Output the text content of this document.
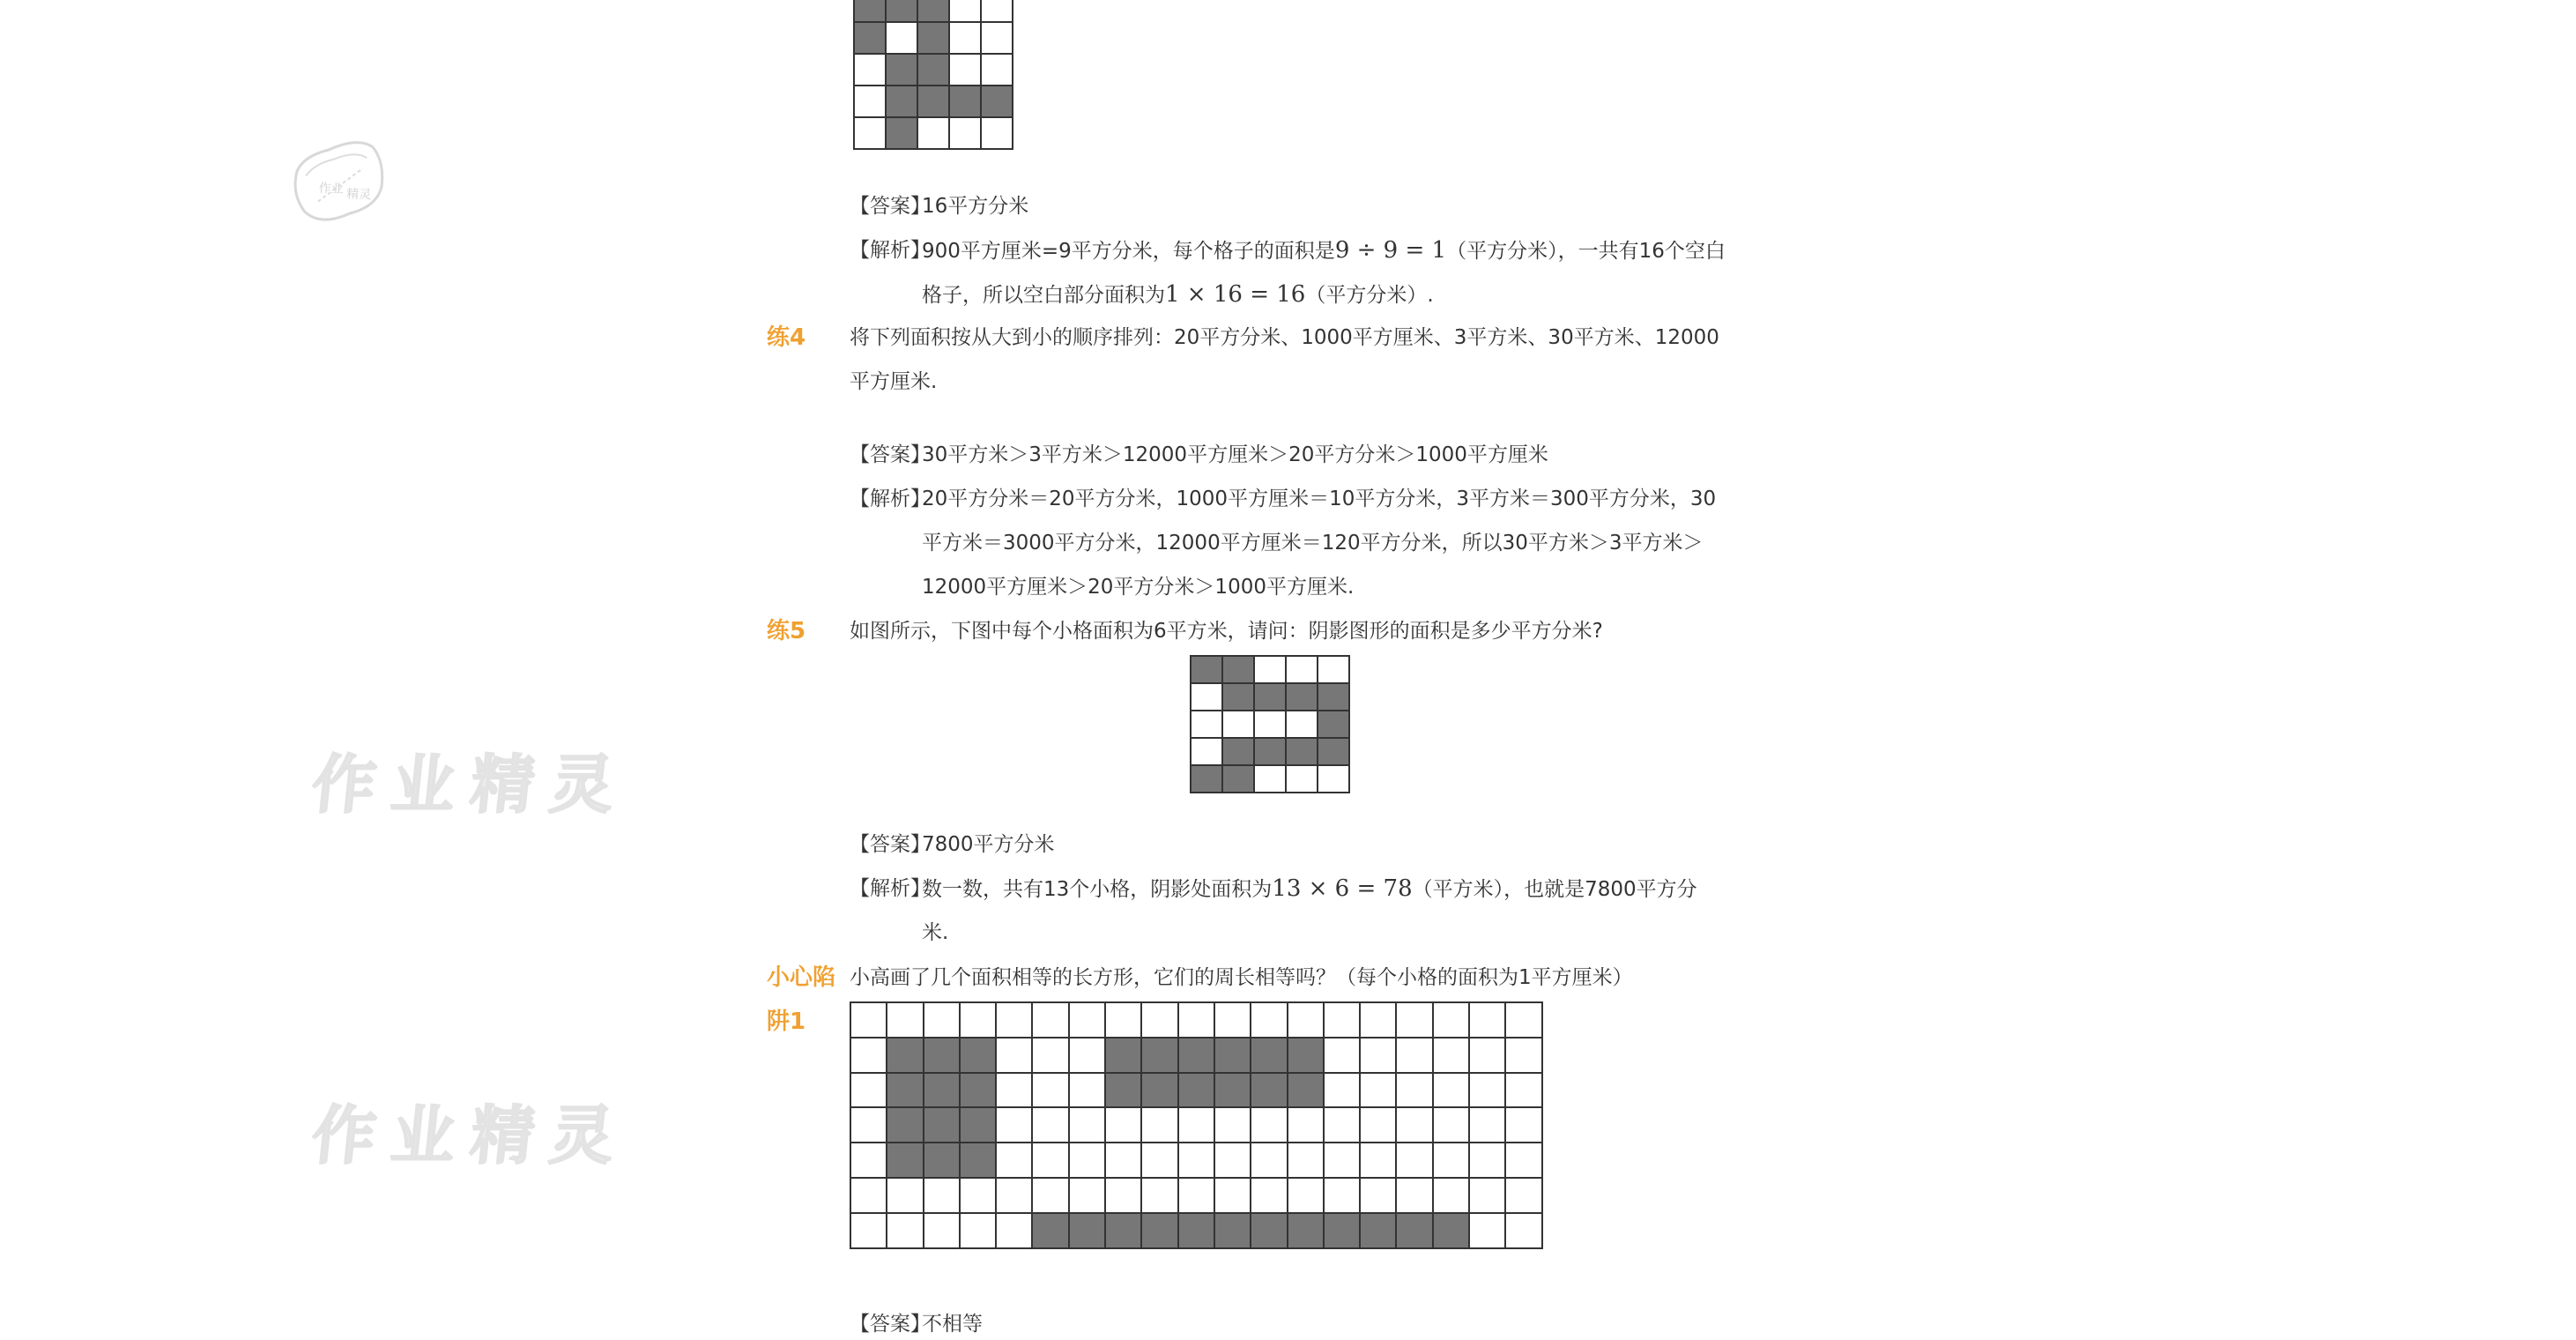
作业 精灵
作业精灵
作业精灵
【答案】
16平方分米
【解析】
900平方厘米=9平方分米，每个格子的面积是9 ÷ 9 = 1（平方分米），一共有16个空白
格子，所以空白部分面积为1 × 16 = 16（平方分米）.
练4 将下列面积按从大到小的顺序排列：20平方分米、1000平方厘米、3平方米、30平方米、12000
平方厘米.
【答案】
30平方米＞3平方米＞12000平方厘米＞20平方分米＞1000平方厘米
【解析】
20平方分米＝20平方分米，1000平方厘米＝10平方分米，3平方米＝300平方分米，30
平方米＝3000平方分米，12000平方厘米＝120平方分米，所以30平方米＞3平方米＞
12000平方厘米＞20平方分米＞1000平方厘米.
练5 如图所示，下图中每个小格面积为6平方米，请问：阴影图形的面积是多少平方分米?
【答案】
7800平方分米
【解析】
数一数，共有13个小格，阴影处面积为13 × 6 = 78（平方米），也就是7800平方分
米.
小心陷
阱1
小高画了几个面积相等的长方形，它们的周长相等吗？（每个小格的面积为1平方厘米）
【答案】
不相等
